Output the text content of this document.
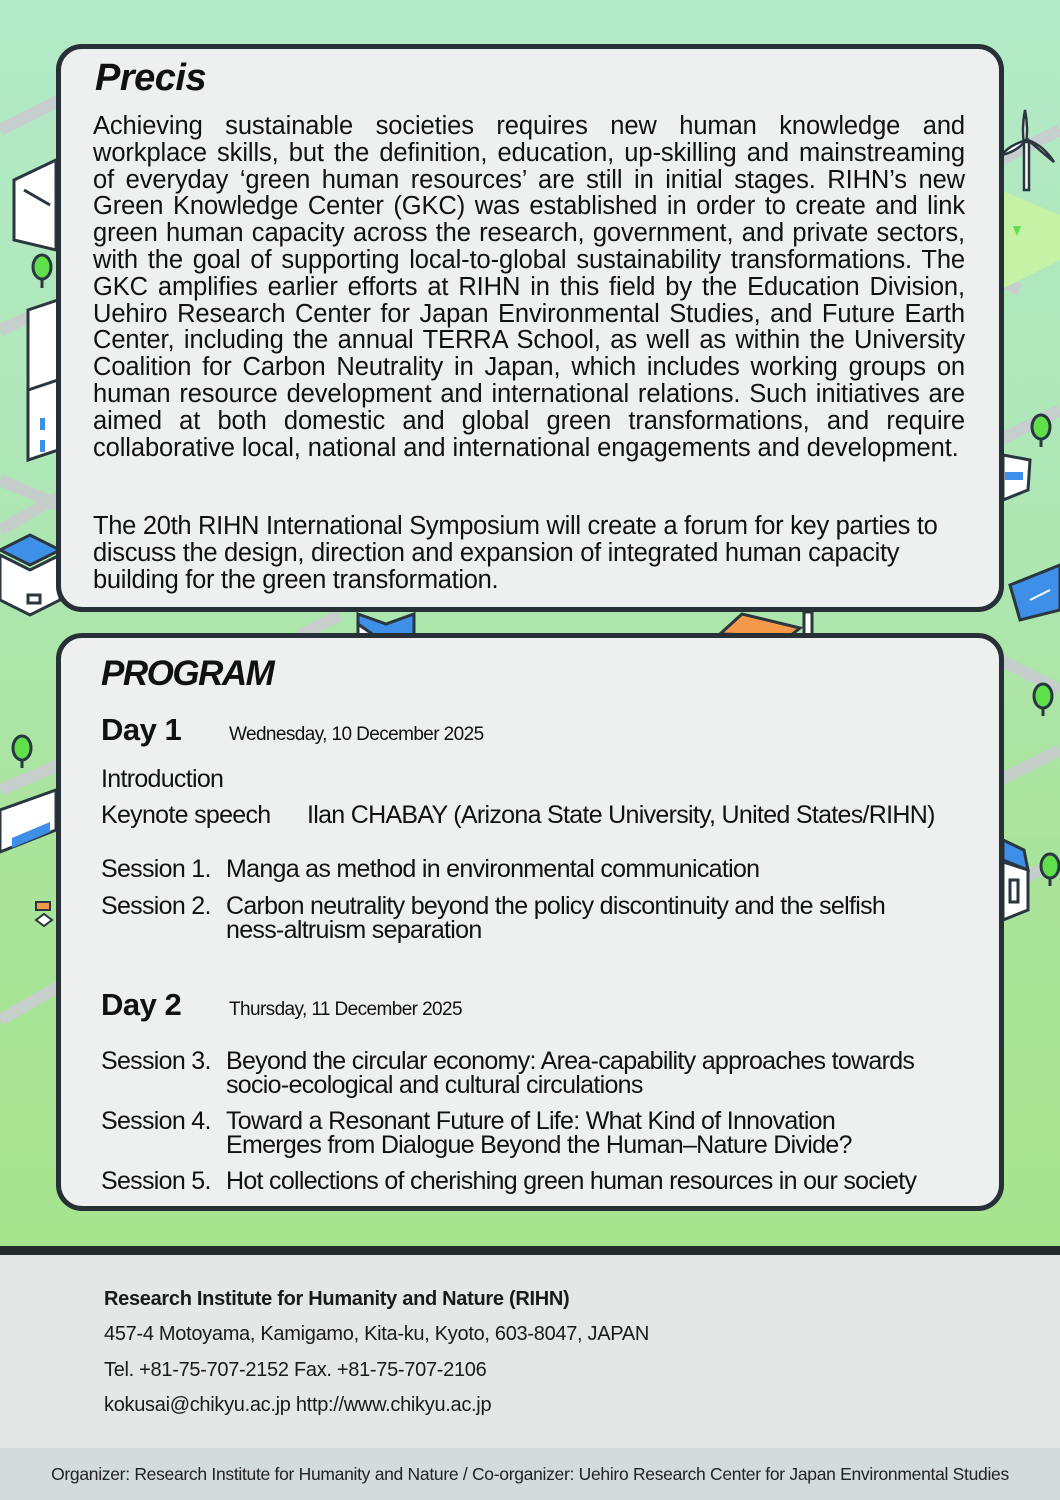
Precis

Achieving sustainable societies requires new human knowledge and workplace skills, but the definition, education, up-skilling and mainstreaming of everyday ‘green human resources’ are still in initial stages. RIHN’s new Green Knowledge Center (GKC) was established in order to create and link green human capacity across the research, government, and private sectors, with the goal of supporting local-to-global sustainability transformations. The GKC amplifies earlier efforts at RIHN in this field by the Education Division, Uehiro Research Center for Japan Environmental Studies, and Future Earth Center, including the annual TERRA School, as well as within the University Coalition for Carbon Neutrality in Japan, which includes working groups on human resource development and international relations. Such initiatives are aimed at both domestic and global green transformations, and require collaborative local, national and international engagements and development.

The 20th RIHN International Symposium will create a forum for key parties to discuss the design, direction and expansion of integrated human capacity building for the green transformation.

PROGRAM
Day 1	Wednesday, 10 December 2025
Introduction
Keynote speech Ilan CHABAY (Arizona State University, United States/RIHN)
Session 1. Manga as method in environmental communication
Session 2. Carbon neutrality beyond the policy discontinuity and the selfish
ness-altruism separation
Day 2	Thursday, 11 December 2025
Session 3. Beyond the circular economy: Area-capability approaches towards
socio-ecological and cultural circulations
Session 4. Toward a Resonant Future of Life: What Kind of Innovation
Emerges from Dialogue Beyond the Human–Nature Divide?
Session 5. Hot collections of cherishing green human resources in our society
Research Institute for Humanity and Nature (RIHN)
457-4 Motoyama, Kamigamo, Kita-ku, Kyoto, 603-8047, JAPAN
Tel. +81-75-707-2152 Fax. +81-75-707-2106
kokusai@chikyu.ac.jp http://www.chikyu.ac.jp
Organizer: Research Institute for Humanity and Nature / Co-organizer: Uehiro Research Center for Japan Environmental Studies
